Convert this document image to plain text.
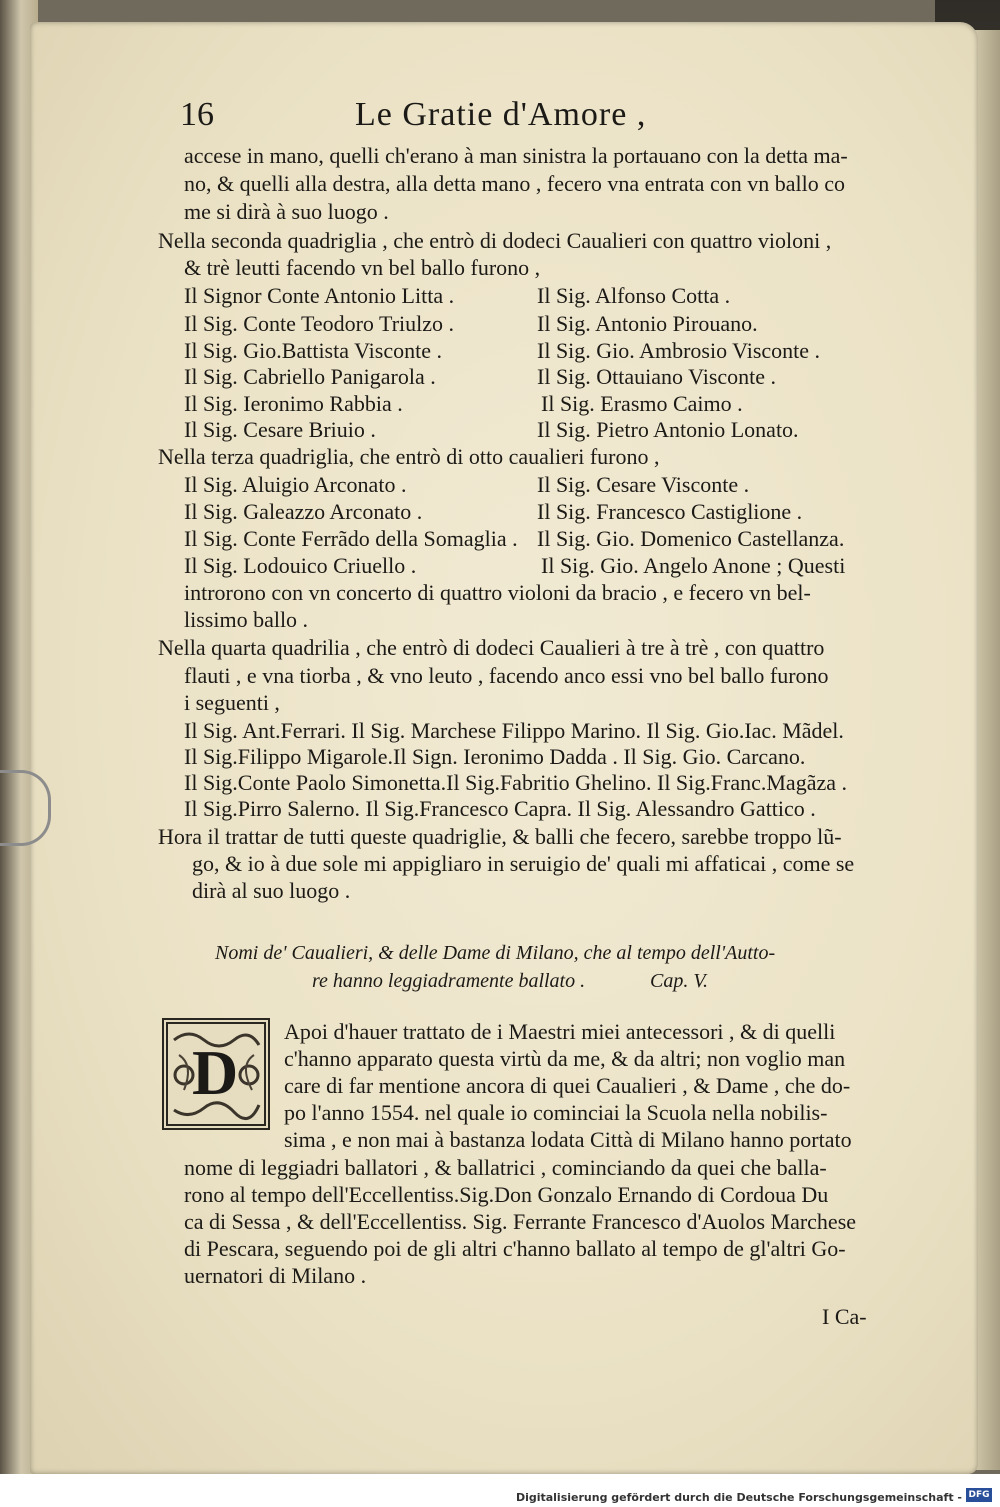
16	Le Gratie d'Amore ,
accese in mano, quelli ch'erano à man sinistra la portauano con la detta ma-
no, & quelli alla destra, alla detta mano , fecero vna entrata con vn ballo co
me si dirà à suo luogo .
Nella seconda quadriglia , che entrò di dodeci Caualieri con quattro violoni ,
& trè leutti facendo vn bel ballo furono ,
Il Signor Conte Antonio Litta .	Il Sig. Alfonso Cotta .
Il Sig. Conte Teodoro Triulzo .	Il Sig. Antonio Pirouano.
Il Sig. Gio.Battista Visconte .	Il Sig. Gio. Ambrosio Visconte .
Il Sig. Cabriello Panigarola .	Il Sig. Ottauiano Visconte .
Il Sig. Ieronimo Rabbia .	Il Sig. Erasmo Caimo .
Il Sig. Cesare Briuio .	Il Sig. Pietro Antonio Lonato.
Nella terza quadriglia, che entrò di otto caualieri furono ,
Il Sig. Aluigio Arconato .	Il Sig. Cesare Visconte .
Il Sig. Galeazzo Arconato .	Il Sig. Francesco Castiglione .
Il Sig. Conte Ferrãdo della Somaglia . Il Sig. Gio. Domenico Castellanza.
Il Sig. Lodouico Criuello .	Il Sig. Gio. Angelo Anone ; Questi
introrono con vn concerto di quattro violoni da bracio , e fecero vn bel-
lissimo ballo .
Nella quarta quadrilia , che entrò di dodeci Caualieri à tre à trè , con quattro
flauti , e vna tiorba , & vno leuto , facendo anco essi vno bel ballo furono
i seguenti ,
Il Sig. Ant.Ferrari. Il Sig. Marchese Filippo Marino. Il Sig. Gio.Iac. Mãdel.
Il Sig.Filippo Migarole.Il Sign. Ieronimo Dadda . Il Sig. Gio. Carcano.
Il Sig.Conte Paolo Simonetta.Il Sig.Fabritio Ghelino. Il Sig.Franc.Magãza .
Il Sig.Pirro Salerno. Il Sig.Francesco Capra. Il Sig. Alessandro Gattico .
Hora il trattar de tutti queste quadriglie, & balli che fecero, sarebbe troppo lũ-
go, & io à due sole mi appigliaro in seruigio de' quali mi affaticai , come se
dirà al suo luogo .
Nomi de' Caualieri, & delle Dame di Milano, che al tempo dell'Autto-
re hanno leggiadramente ballato .	Cap. V.
D
Apoi d'hauer trattato de i Maestri miei antecessori , & di quelli
c'hanno apparato questa virtù da me, & da altri; non voglio man
care di far mentione ancora di quei Caualieri , & Dame , che do-
po l'anno 1554. nel quale io cominciai la Scuola nella nobilis-
sima , e non mai à bastanza lodata Città di Milano hanno portato
nome di leggiadri ballatori , & ballatrici , cominciando da quei che balla-
rono al tempo dell'Eccellentiss.Sig.Don Gonzalo Ernando di Cordoua Du
ca di Sessa , & dell'Eccellentiss. Sig. Ferrante Francesco d'Auolos Marchese
di Pescara, seguendo poi de gli altri c'hanno ballato al tempo de gl'altri Go-
uernatori di Milano .
I Ca-
Digitalisierung gefördert durch die Deutsche Forschungsgemeinschaft - DFG
